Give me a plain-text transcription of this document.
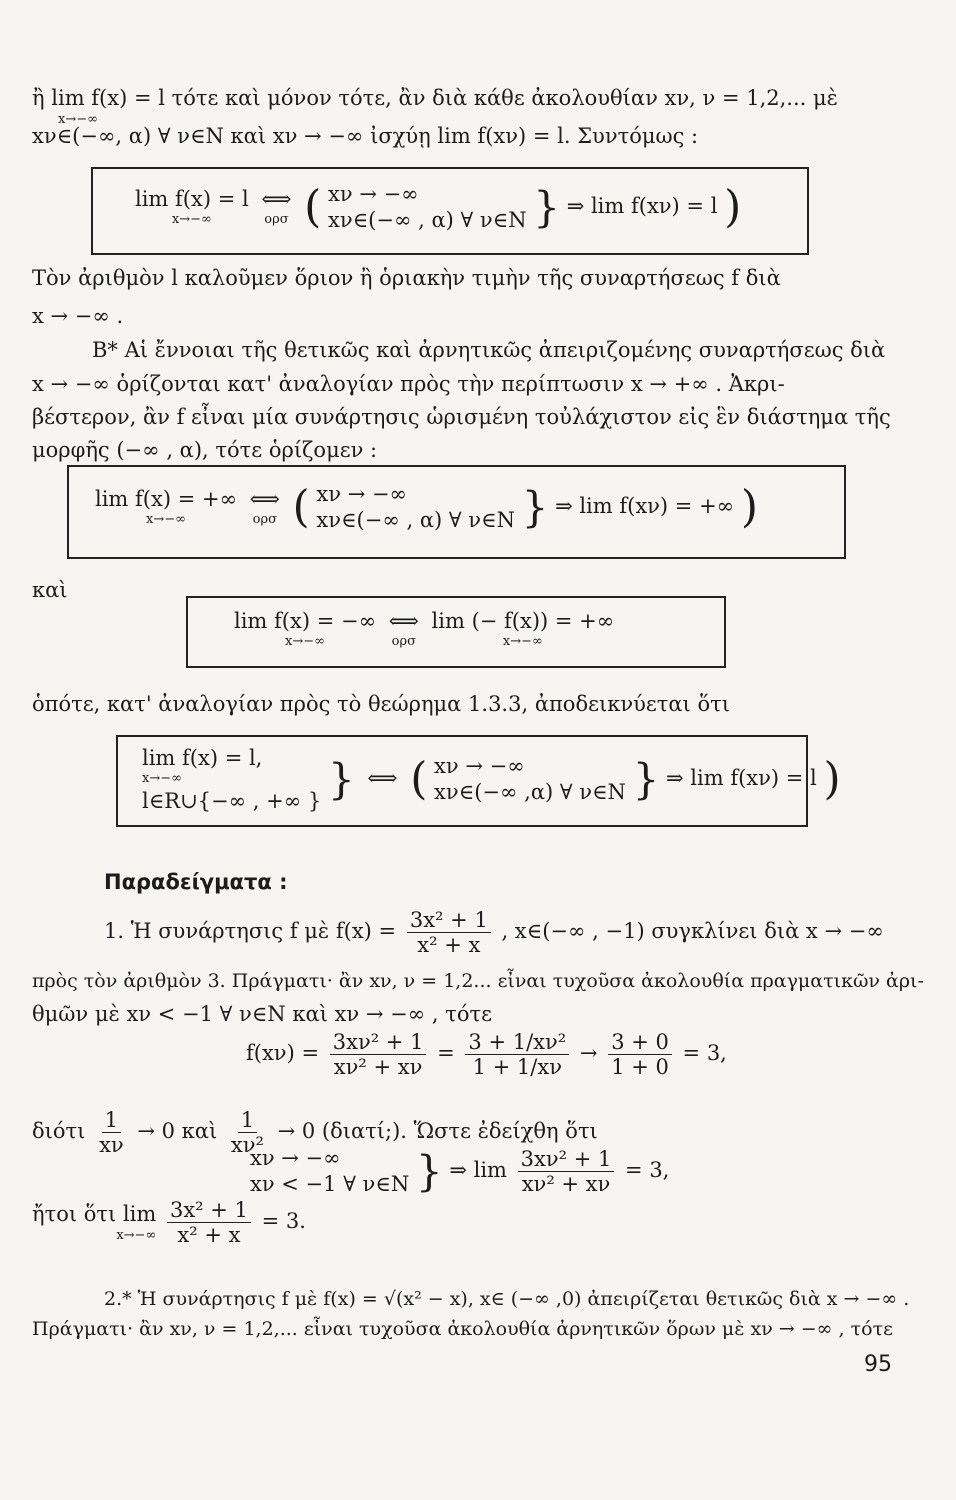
ἢ lim f(x) = l τότε καὶ μόνον τότε, ἂν διὰ κάθε ἀκολουθίαν xν, ν = 1,2,... μὲ
x→−∞
xν∈(−∞, α) ∀ ν∈N καὶ xν → −∞ ἰσχύῃ lim f(xν) = l. Συντόμως :
lim f(x) = l
x→−∞

⟺
ορσ ( xν → −∞
xν∈(−∞ , α) ∀ ν∈N } ⇒ lim f(xν) = l )
Τὸν ἀριθμὸν l καλοῦμεν ὅριον ἢ ὁριακὴν τιμὴν τῆς συναρτήσεως f διὰ
x → −∞ .
B* Αἱ ἔννοιαι τῆς θετικῶς καὶ ἀρνητικῶς ἀπειριζομένης συναρτήσεως διὰ
x → −∞ ὁρίζονται κατ' ἀναλογίαν πρὸς τὴν περίπτωσιν x → +∞ . Ἀκρι-
βέστερον, ἂν f εἶναι μία συνάρτησις ὡρισμένη τοὐλάχιστον εἰς ἓν διάστημα τῆς
μορφῆς (−∞ , α), τότε ὁρίζομεν :
lim f(x) = +∞
x→−∞

⟺
ορσ ( xν → −∞
xν∈(−∞ , α) ∀ ν∈N } ⇒ lim f(xν) = +∞ )
καὶ
lim f(x) = −∞
x→−∞

⟺
ορσ

lim (− f(x)) = +∞
x→−∞
ὁπότε, κατ' ἀναλογίαν πρὸς τὸ θεώρημα 1.3.3, ἀποδεικνύεται ὅτι
lim f(x) = l,
x→−∞
l∈R∪{−∞ , +∞ } } ⟺ ( xν → −∞
xν∈(−∞ ,α) ∀ ν∈N } ⇒ lim f(xν) = l )
Παραδείγματα :
1. Ἡ συνάρτησις f μὲ $f(x) = \frac{\text{3x² + 1}}{\text{x² + x}}$ , x∈(−∞ , −1) συγκλίνει διὰ x → −∞
πρὸς τὸν ἀριθμὸν 3. Πράγματι· ἂν xν, ν = 1,2... εἶναι τυχοῦσα ἀκολουθία πραγματικῶν ἀρι-
θμῶν μὲ xν < −1 ∀ ν∈N καὶ xν → −∞ , τότε
$f(x\nu) = \frac{\text{3xν² + 1}}{\text{xν² + xν}} = \frac{\text{3 + 1/xν²}}{1 + 1/x\nu} \to \frac{3 + 0}{1 + 0} = 3$,
διότι $\frac{1}{x\nu} \to 0$ καὶ $\frac{1}{\text{xν²}} \to 0$ (διατί;). Ὥστε ἐδείχθη ὅτι
xν → −∞
xν < −1 ∀ ν∈N } ⇒ $\lim \frac{\text{3xν² + 1}}{\text{xν² + xν}} = 3$,
ἤτοι ὅτι lim
x→−∞
$\frac{\text{3x² + 1}}{\text{x² + x}} = 3$.
2.* Ἡ συνάρτησις f μὲ f(x) = √(x² − x), x∈ (−∞ ,0) ἀπειρίζεται θετικῶς διὰ x → −∞ .
Πράγματι· ἂν xν, ν = 1,2,... εἶναι τυχοῦσα ἀκολουθία ἀρνητικῶν ὅρων μὲ xν → −∞ , τότε
95
